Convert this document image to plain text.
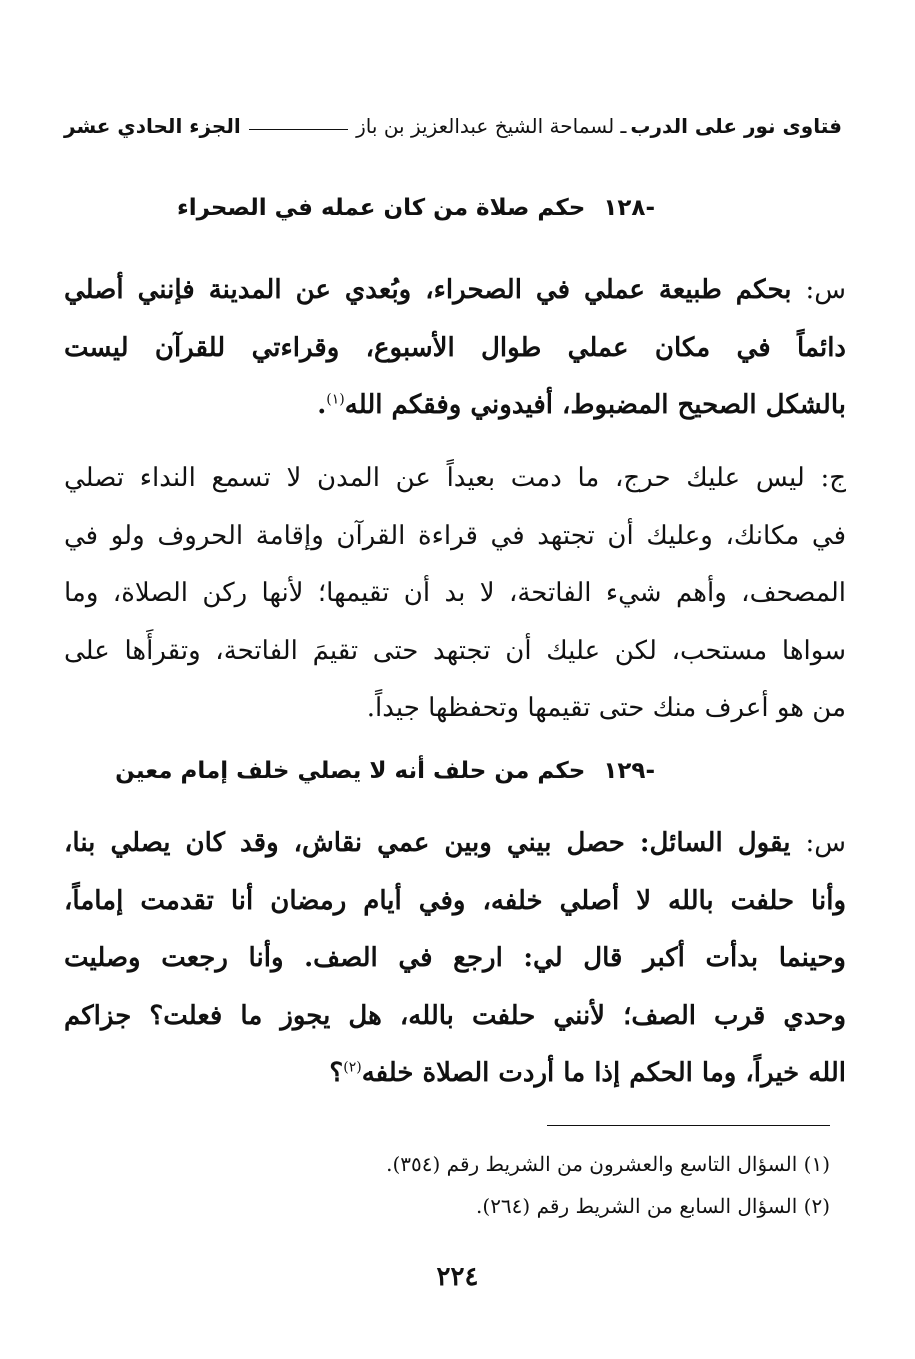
فتاوى نور على الدرب
ـ لسماحة الشيخ عبدالعزيز بن باز
الجزء الحادي عشر
-١٢٨حكم صلاة من كان عمله في الصحراء
س: بحكم طبيعة عملي في الصحراء، وبُعدي عن المدينة فإنني أصلي
دائماً في مكان عملي طوال الأسبوع، وقراءتي للقرآن ليست
بالشكل الصحيح المضبوط، أفيدوني وفقكم الله$^{(١)}$.
ج: ليس عليك حرج، ما دمت بعيداً عن المدن لا تسمع النداء تصلي
في مكانك، وعليك أن تجتهد في قراءة القرآن وإقامة الحروف ولو في
المصحف، وأهم شيء الفاتحة، لا بد أن تقيمها؛ لأنها ركن الصلاة، وما
سواها مستحب، لكن عليك أن تجتهد حتى تقيمَ الفاتحة، وتقرأَها على
من هو أعرف منك حتى تقيمها وتحفظها جيداً.
-١٢٩حكم من حلف أنه لا يصلي خلف إمام معين
س: يقول السائل: حصل بيني وبين عمي نقاش، وقد كان يصلي بنا،
وأنا حلفت بالله لا أصلي خلفه، وفي أيام رمضان أنا تقدمت إماماً،
وحينما بدأت أكبر قال لي: ارجع في الصف. وأنا رجعت وصليت
وحدي قرب الصف؛ لأنني حلفت بالله، هل يجوز ما فعلت؟ جزاكم
الله خيراً، وما الحكم إذا ما أردت الصلاة خلفه$^{(٢)}$؟
(١) السؤال التاسع والعشرون من الشريط رقم (٣٥٤).
(٢) السؤال السابع من الشريط رقم (٢٦٤).
٢٢٤
